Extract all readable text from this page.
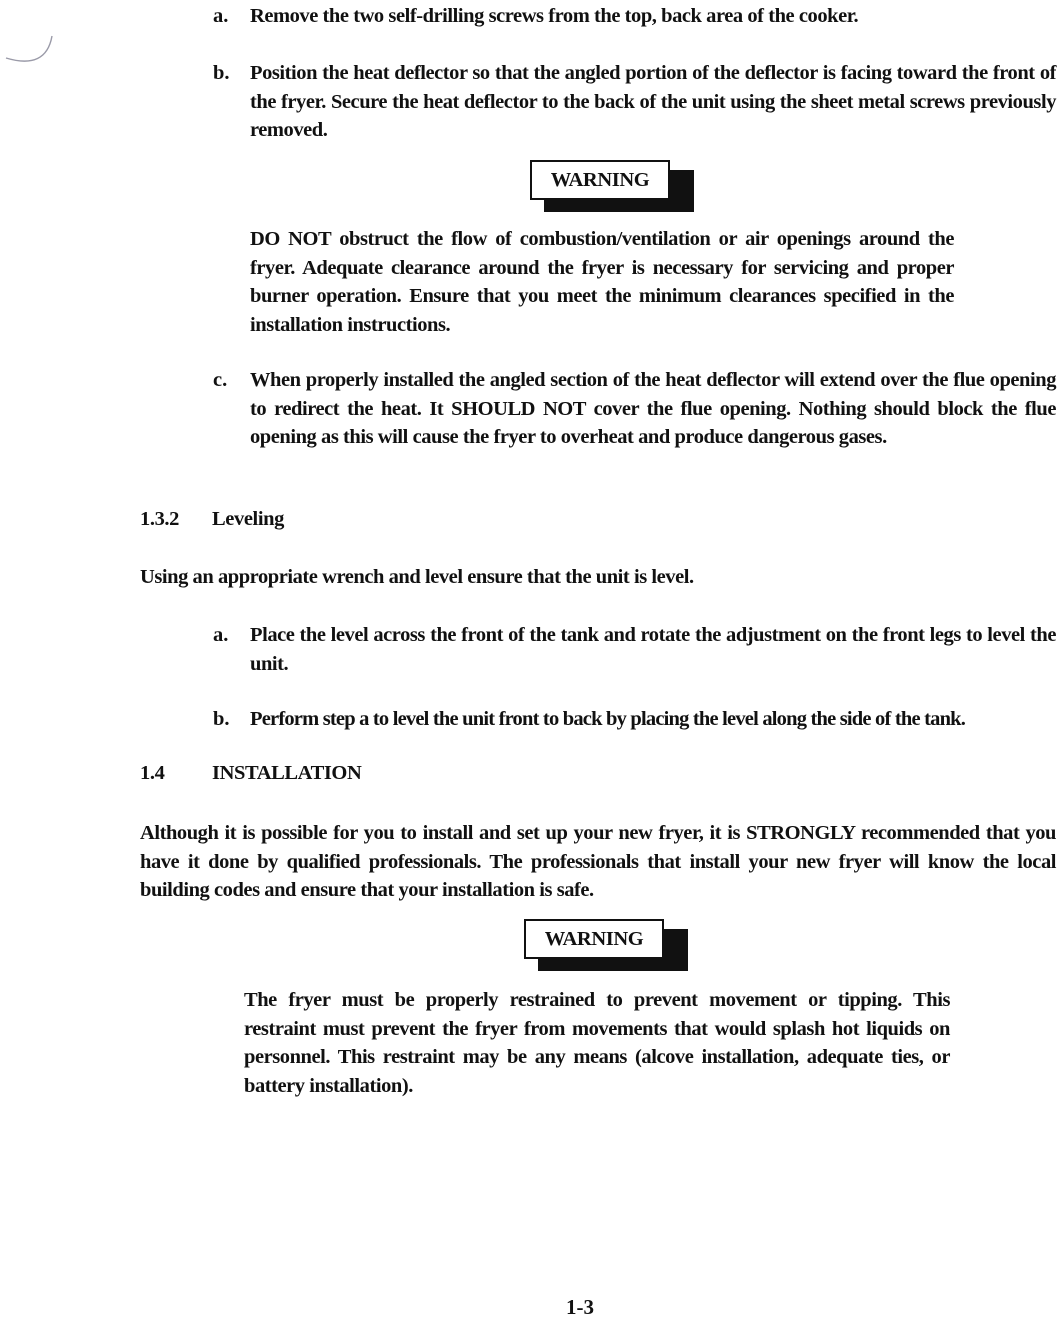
a. Remove the two self-drilling screws from the top, back area of the cooker.

b. Position the heat deflector so that the angled portion of the deflector is facing toward the front of the fryer. Secure the heat deflector to the back of the unit using the sheet metal screws previously removed.

WARNING

DO NOT obstruct the flow of combustion/ventilation or air openings around the fryer. Adequate clearance around the fryer is necessary for servicing and proper burner operation. Ensure that you meet the minimum clearances specified in the installation instructions.

c. When properly installed the angled section of the heat deflector will extend over the flue opening to redirect the heat. It SHOULD NOT cover the flue opening. Nothing should block the flue opening as this will cause the fryer to overheat and produce dangerous gases.

1.3.2 Leveling

Using an appropriate wrench and level ensure that the unit is level.

a. Place the level across the front of the tank and rotate the adjustment on the front legs to level the unit.

b. Perform step a to level the unit front to back by placing the level along the side of the tank.

1.4 INSTALLATION

Although it is possible for you to install and set up your new fryer, it is STRONGLY recommended that you have it done by qualified professionals. The professionals that install your new fryer will know the local building codes and ensure that your installation is safe.

WARNING

The fryer must be properly restrained to prevent movement or tipping. This restraint must prevent the fryer from movements that would splash hot liquids on personnel. This restraint may be any means (alcove installation, adequate ties, or battery installation).

1-3
